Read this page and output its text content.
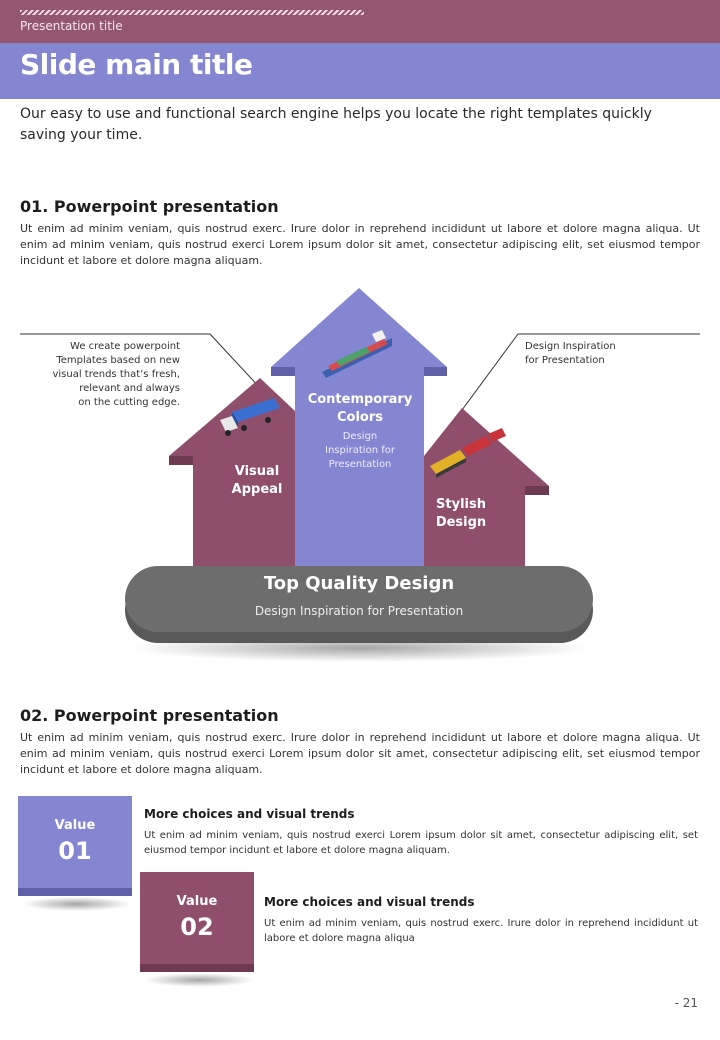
Presentation title
Slide main title

Our easy to use and functional search engine helps you locate the right templates quickly saving your time.

01. Powerpoint presentation

Ut enim ad minim veniam, quis nostrud exerc. Irure dolor in reprehend incididunt ut labore et dolore magna aliqua. Ut enim ad minim veniam, quis nostrud exerci Lorem ipsum dolor sit amet, consectetur adipiscing elit, set eiusmod tempor incidunt et labore et dolore magna aliquam.

We create powerpoint
Templates based on new
visual trends that’s fresh,
relevant and always
on the cutting edge.
Design Inspiration
for Presentation
Visual
Appeal
Contemporary
Colors
Design
Inspiration for
Presentation
Stylish
Design
Top Quality Design
Design Inspiration for Presentation
02. Powerpoint presentation

Ut enim ad minim veniam, quis nostrud exerc. Irure dolor in reprehend incididunt ut labore et dolore magna aliqua. Ut enim ad minim veniam, quis nostrud exerci Lorem ipsum dolor sit amet, consectetur adipiscing elit, set eiusmod tempor incidunt et labore et dolore magna aliquam.

Value
01
More choices and visual trends
Ut enim ad minim veniam, quis nostrud exerci Lorem ipsum dolor sit amet, consectetur adipiscing elit, set eiusmod tempor incidunt et labore et dolore magna aliquam.
Value
02
More choices and visual trends
Ut enim ad minim veniam, quis nostrud exerc. Irure dolor in reprehend incididunt ut labore et dolore magna aliqua
- 21
